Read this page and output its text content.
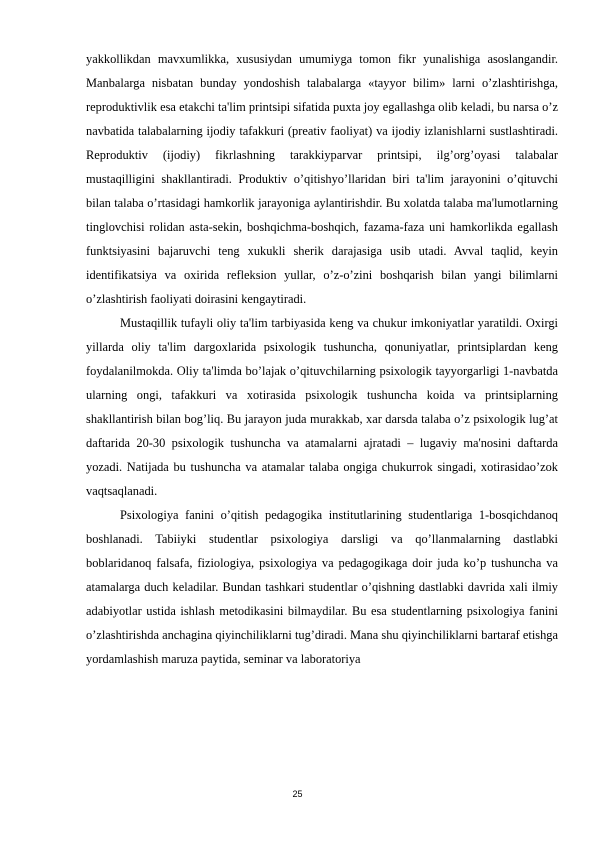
yakkollikdan mavxumlikka, xususiydan umumiyga tomon fikr yunalishiga asoslangandir. Manbalarga nisbatan bunday yondoshish talabalarga «tayyor bilim» larni o’zlashtirishga, reproduktivlik esa etakchi ta'lim printsipi sifatida puxta joy egallashga olib keladi, bu narsa o’z navbatida talabalarning ijodiy tafakkuri (preativ faoliyat) va ijodiy izlanishlarni sustlashtiradi. Reproduktiv (ijodiy) fikrlashning tarakkiyparvar printsipi, ilg’org’oyasi talabalar mustaqilligini shakllantiradi. Produktiv o’qitishyo’llaridan biri ta'lim jarayonini o’qituvchi bilan talaba o’rtasidagi hamkorlik jarayoniga aylantirishdir. Bu xolatda talaba ma'lumotlarning tinglovchisi rolidan asta-sekin, boshqichma-boshqich, fazama-faza uni hamkorlikda egallash funktsiyasini bajaruvchi teng xukukli sherik darajasiga usib utadi. Avval taqlid, keyin identifikatsiya va oxirida refleksion yullar, o’z-o’zini boshqarish bilan yangi bilimlarni o’zlashtirish faoliyati doirasini kengaytiradi.

Mustaqillik tufayli oliy ta'lim tarbiyasida keng va chukur imkoniyatlar yaratildi. Oxirgi yillarda oliy ta'lim dargoxlarida psixologik tushuncha, qonuniyatlar, printsiplardan keng foydalanilmokda. Oliy ta'limda bo’lajak o’qituvchilarning psixologik tayyorgarligi 1-navbatda ularning ongi, tafakkuri va xotirasida psixologik tushuncha koida va printsiplarning shakllantirish bilan bog’liq. Bu jarayon juda murakkab, xar darsda talaba o’z psixologik lug’at daftarida 20-30 psixologik tushuncha va atamalarni ajratadi – lugaviy ma'nosini daftarda yozadi. Natijada bu tushuncha va atamalar talaba ongiga chukurrok singadi, xotirasidao’zok vaqtsaqlanadi.

Psixologiya fanini o’qitish pedagogika institutlarining studentlariga 1-bosqichdanoq boshlanadi. Tabiiyki studentlar psixologiya darsligi va qo’llanmalarning dastlabki boblaridanoq falsafa, fiziologiya, psixologiya va pedagogikaga doir juda ko’p tushuncha va atamalarga duch keladilar. Bundan tashkari studentlar o’qishning dastlabki davrida xali ilmiy adabiyotlar ustida ishlash metodikasini bilmaydilar. Bu esa studentlarning psixologiya fanini o’zlashtirishda anchagina qiyinchiliklarni tug’diradi. Mana shu qiyinchiliklarni bartaraf etishga yordamlashish maruza paytida, seminar va laboratoriya

25
